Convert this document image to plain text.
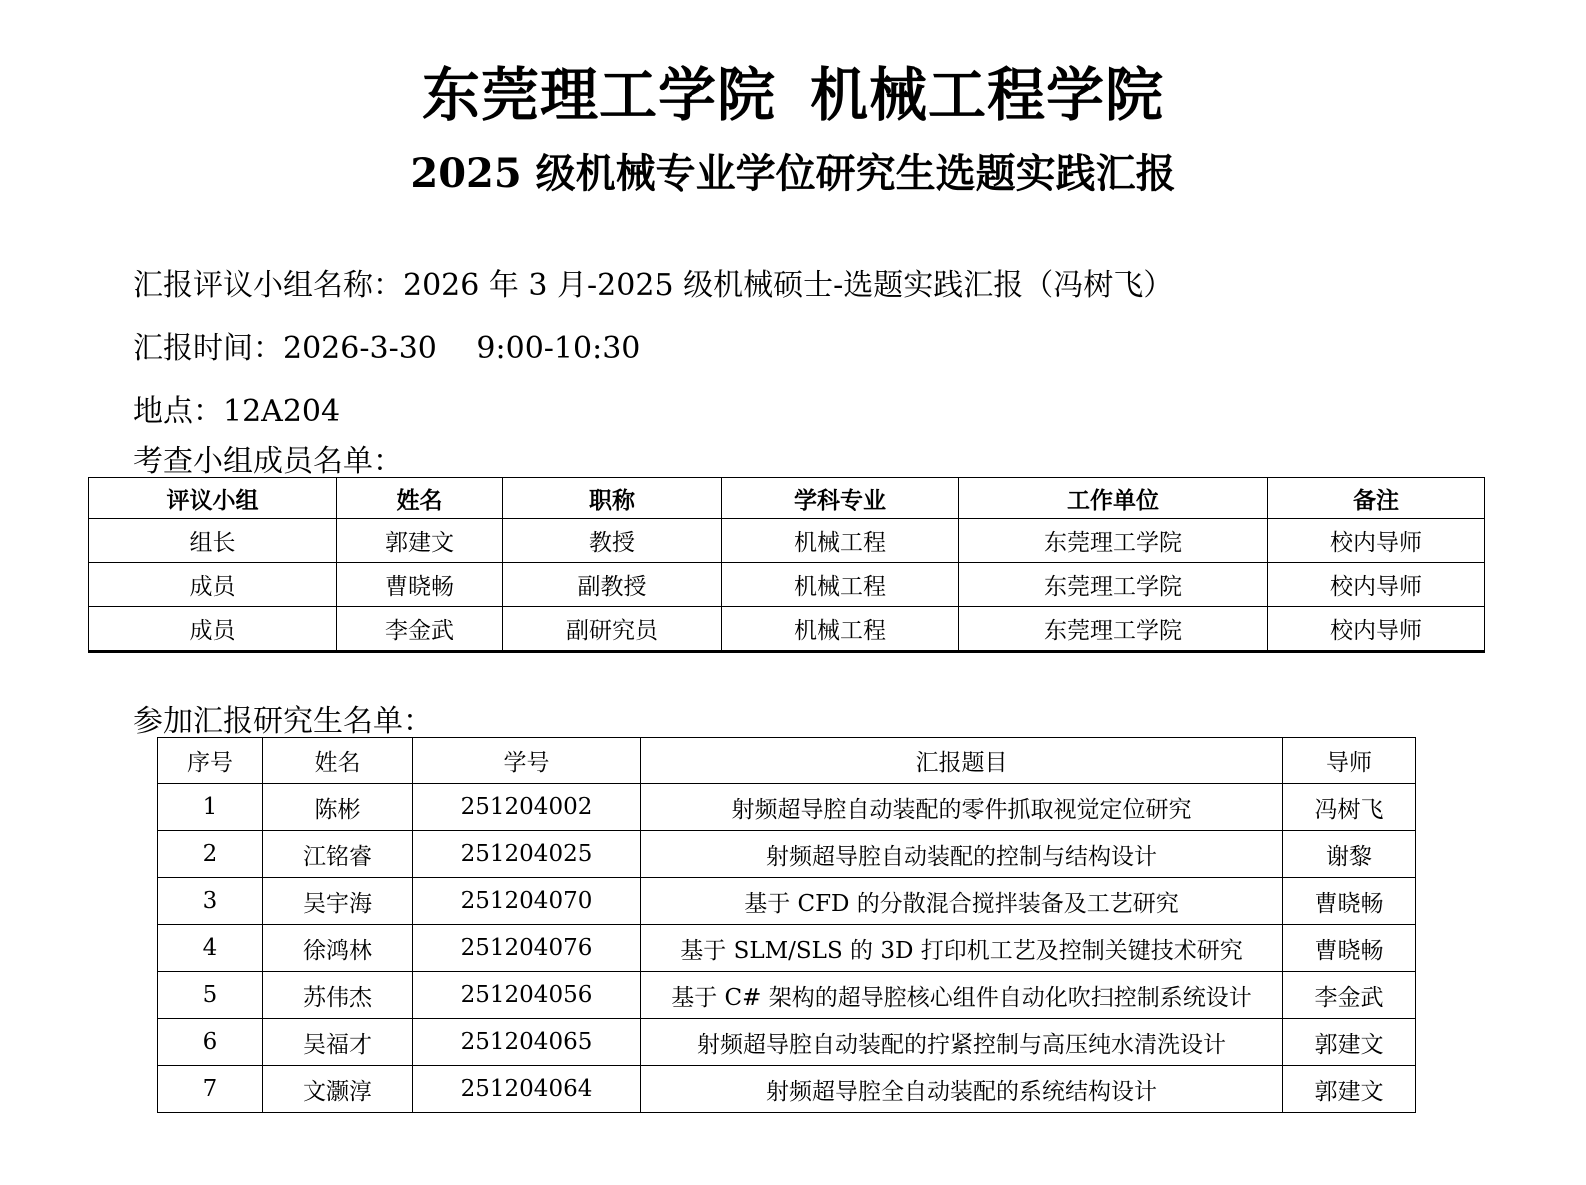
东莞理工学院 机械工程学院
2025 级机械专业学位研究生选题实践汇报
汇报评议小组名称：2026 年 3 月-2025 级机械硕士-选题实践汇报（冯树飞）
汇报时间：2026-3-30　 9:00-10:30
地点：12A204
考查小组成员名单：
评议小组	姓名	职称	学科专业	工作单位	备注
组长	郭建文	教授	机械工程	东莞理工学院	校内导师
成员	曹晓畅	副教授	机械工程	东莞理工学院	校内导师
成员	李金武	副研究员	机械工程	东莞理工学院	校内导师
参加汇报研究生名单：
序号	姓名	学号	汇报题目	导师
1	陈彬	251204002	射频超导腔自动装配的零件抓取视觉定位研究	冯树飞
2	江铭睿	251204025	射频超导腔自动装配的控制与结构设计	谢黎
3	吴宇海	251204070	基于 CFD 的分散混合搅拌装备及工艺研究	曹晓畅
4	徐鸿林	251204076	基于 SLM/SLS 的 3D 打印机工艺及控制关键技术研究	曹晓畅
5	苏伟杰	251204056	基于 C# 架构的超导腔核心组件自动化吹扫控制系统设计	李金武
6	吴福才	251204065	射频超导腔自动装配的拧紧控制与高压纯水清洗设计	郭建文
7	文灏淳	251204064	射频超导腔全自动装配的系统结构设计	郭建文
